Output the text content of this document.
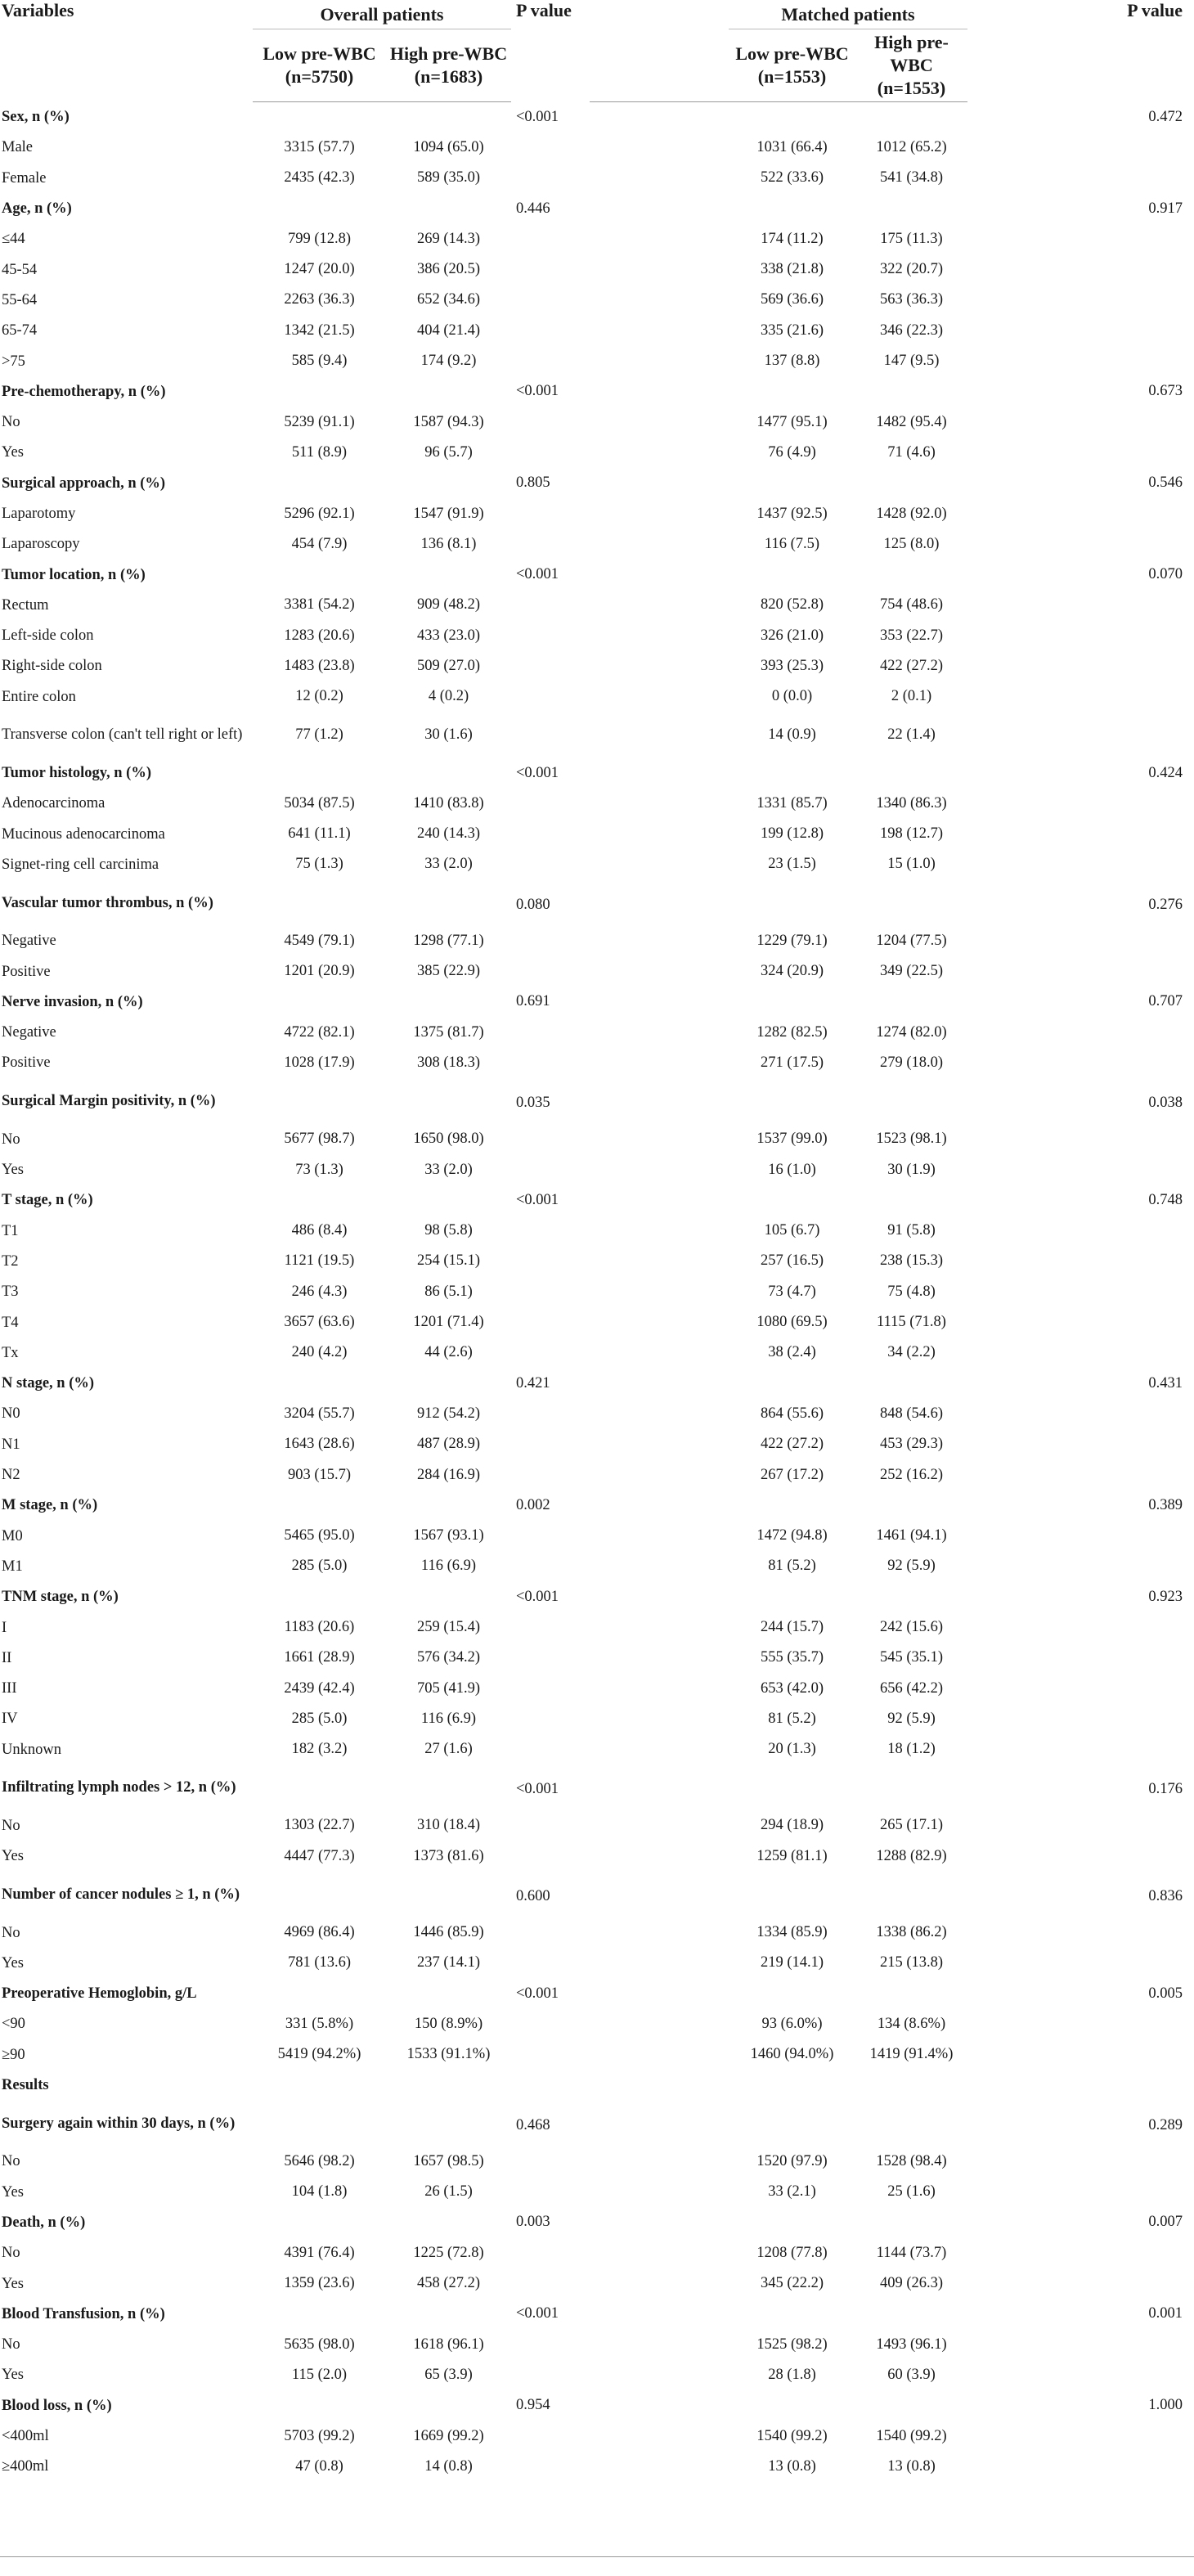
Variables	Overall patients		P value		Matched patients		P value
	Low pre-WBC (n=5750)	High pre-WBC (n=1683)			Low pre-WBC (n=1553)	High pre-WBC (n=1553)	
Sex, n (%)			<0.001				0.472
Male	3315 (57.7)	1094 (65.0)			1031 (66.4)	1012 (65.2)	
Female	2435 (42.3)	589 (35.0)			522 (33.6)	541 (34.8)	
Age, n (%)			0.446				0.917
≤44	799 (12.8)	269 (14.3)			174 (11.2)	175 (11.3)	
45-54	1247 (20.0)	386 (20.5)			338 (21.8)	322 (20.7)	
55-64	2263 (36.3)	652 (34.6)			569 (36.6)	563 (36.3)	
65-74	1342 (21.5)	404 (21.4)			335 (21.6)	346 (22.3)	
>75	585 (9.4)	174 (9.2)			137 (8.8)	147 (9.5)	
Pre-chemotherapy, n (%)			<0.001				0.673
No	5239 (91.1)	1587 (94.3)			1477 (95.1)	1482 (95.4)	
Yes	511 (8.9)	96 (5.7)			76 (4.9)	71 (4.6)	
Surgical approach, n (%)			0.805				0.546
Laparotomy	5296 (92.1)	1547 (91.9)			1437 (92.5)	1428 (92.0)	
Laparoscopy	454 (7.9)	136 (8.1)			116 (7.5)	125 (8.0)	
Tumor location, n (%)			<0.001				0.070
Rectum	3381 (54.2)	909 (48.2)			820 (52.8)	754 (48.6)	
Left-side colon	1283 (20.6)	433 (23.0)			326 (21.0)	353 (22.7)	
Right-side colon	1483 (23.8)	509 (27.0)			393 (25.3)	422 (27.2)	
Entire colon	12 (0.2)	4 (0.2)			0 (0.0)	2 (0.1)	
Transverse colon (can't tell right or left)	77 (1.2)	30 (1.6)			14 (0.9)	22 (1.4)	
Tumor histology, n (%)			<0.001				0.424
Adenocarcinoma	5034 (87.5)	1410 (83.8)			1331 (85.7)	1340 (86.3)	
Mucinous adenocarcinoma	641 (11.1)	240 (14.3)			199 (12.8)	198 (12.7)	
Signet-ring cell carcinima	75 (1.3)	33 (2.0)			23 (1.5)	15 (1.0)	
Vascular tumor thrombus, n (%)			0.080				0.276
Negative	4549 (79.1)	1298 (77.1)			1229 (79.1)	1204 (77.5)	
Positive	1201 (20.9)	385 (22.9)			324 (20.9)	349 (22.5)	
Nerve invasion, n (%)			0.691				0.707
Negative	4722 (82.1)	1375 (81.7)			1282 (82.5)	1274 (82.0)	
Positive	1028 (17.9)	308 (18.3)			271 (17.5)	279 (18.0)	
Surgical Margin positivity, n (%)			0.035				0.038
No	5677 (98.7)	1650 (98.0)			1537 (99.0)	1523 (98.1)	
Yes	73 (1.3)	33 (2.0)			16 (1.0)	30 (1.9)	
T stage, n (%)			<0.001				0.748
T1	486 (8.4)	98 (5.8)			105 (6.7)	91 (5.8)	
T2	1121 (19.5)	254 (15.1)			257 (16.5)	238 (15.3)	
T3	246 (4.3)	86 (5.1)			73 (4.7)	75 (4.8)	
T4	3657 (63.6)	1201 (71.4)			1080 (69.5)	1115 (71.8)	
Tx	240 (4.2)	44 (2.6)			38 (2.4)	34 (2.2)	
N stage, n (%)			0.421				0.431
N0	3204 (55.7)	912 (54.2)			864 (55.6)	848 (54.6)	
N1	1643 (28.6)	487 (28.9)			422 (27.2)	453 (29.3)	
N2	903 (15.7)	284 (16.9)			267 (17.2)	252 (16.2)	
M stage, n (%)			0.002				0.389
M0	5465 (95.0)	1567 (93.1)			1472 (94.8)	1461 (94.1)	
M1	285 (5.0)	116 (6.9)			81 (5.2)	92 (5.9)	
TNM stage, n (%)			<0.001				0.923
I	1183 (20.6)	259 (15.4)			244 (15.7)	242 (15.6)	
II	1661 (28.9)	576 (34.2)			555 (35.7)	545 (35.1)	
III	2439 (42.4)	705 (41.9)			653 (42.0)	656 (42.2)	
IV	285 (5.0)	116 (6.9)			81 (5.2)	92 (5.9)	
Unknown	182 (3.2)	27 (1.6)			20 (1.3)	18 (1.2)	
Infiltrating lymph nodes > 12, n (%)			<0.001				0.176
No	1303 (22.7)	310 (18.4)			294 (18.9)	265 (17.1)	
Yes	4447 (77.3)	1373 (81.6)			1259 (81.1)	1288 (82.9)	
Number of cancer nodules ≥ 1, n (%)			0.600				0.836
No	4969 (86.4)	1446 (85.9)			1334 (85.9)	1338 (86.2)	
Yes	781 (13.6)	237 (14.1)			219 (14.1)	215 (13.8)	
Preoperative Hemoglobin, g/L			<0.001				0.005
<90	331 (5.8%)	150 (8.9%)			93 (6.0%)	134 (8.6%)	
≥90	5419 (94.2%)	1533 (91.1%)			1460 (94.0%)	1419 (91.4%)	
Results							
Surgery again within 30 days, n (%)			0.468				0.289
No	5646 (98.2)	1657 (98.5)			1520 (97.9)	1528 (98.4)	
Yes	104 (1.8)	26 (1.5)			33 (2.1)	25 (1.6)	
Death, n (%)			0.003				0.007
No	4391 (76.4)	1225 (72.8)			1208 (77.8)	1144 (73.7)	
Yes	1359 (23.6)	458 (27.2)			345 (22.2)	409 (26.3)	
Blood Transfusion, n (%)			<0.001				0.001
No	5635 (98.0)	1618 (96.1)			1525 (98.2)	1493 (96.1)	
Yes	115 (2.0)	65 (3.9)			28 (1.8)	60 (3.9)	
Blood loss, n (%)			0.954				1.000
<400ml	5703 (99.2)	1669 (99.2)			1540 (99.2)	1540 (99.2)	
≥400ml	47 (0.8)	14 (0.8)			13 (0.8)	13 (0.8)	
